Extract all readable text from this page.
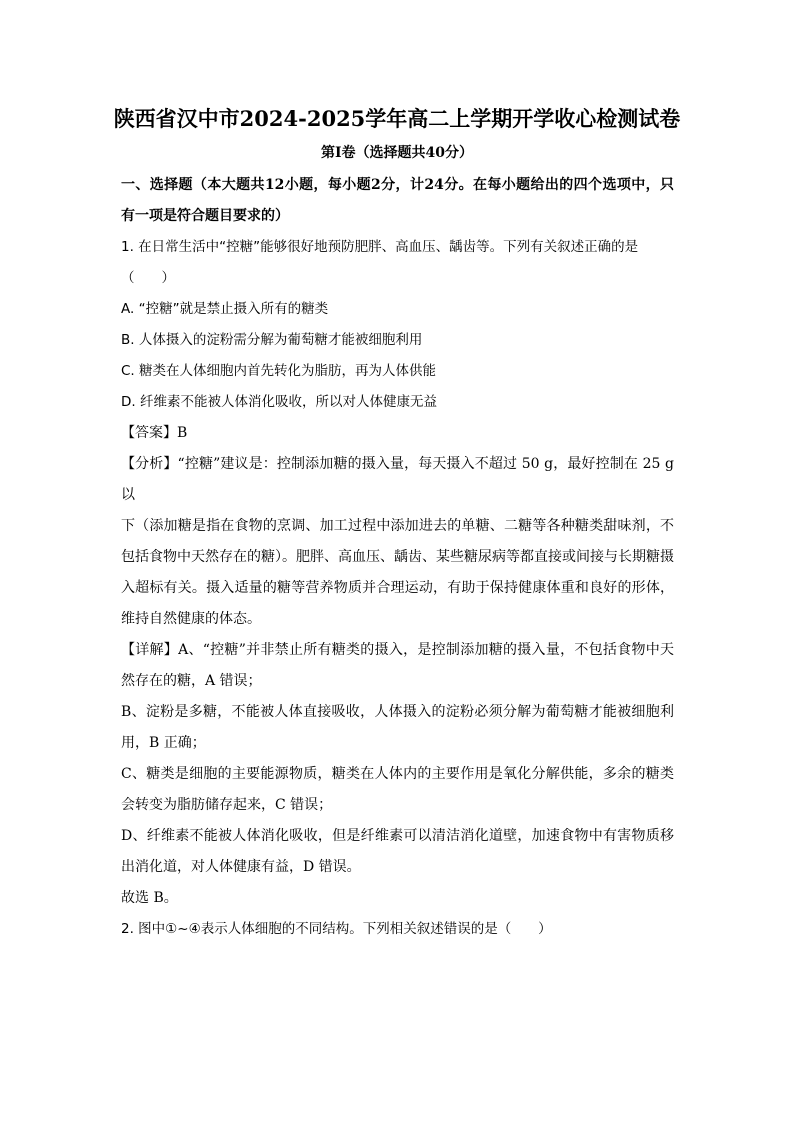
陕西省汉中市2024-2025学年高二上学期开学收心检测试卷
第I卷（选择题共40分）

一、选择题（本大题共12小题，每小题2分，计24分。在每小题给出的四个选项中，只

有一项是符合题目要求的）

1. 在日常生活中“控糖”能够很好地预防肥胖、高血压、龋齿等。下列有关叙述正确的是

（　　）

A. “控糖”就是禁止摄入所有的糖类

B. 人体摄入的淀粉需分解为葡萄糖才能被细胞利用

C. 糖类在人体细胞内首先转化为脂肪，再为人体供能

D. 纤维素不能被人体消化吸收，所以对人体健康无益

【答案】B

【分析】“控糖”建议是：控制添加糖的摄入量，每天摄入不超过 50 g，最好控制在 25 g以

下（添加糖是指在食物的烹调、加工过程中添加进去的单糖、二糖等各种糖类甜味剂，不

包括食物中天然存在的糖）。肥胖、高血压、龋齿、某些糖尿病等都直接或间接与长期糖摄

入超标有关。摄入适量的糖等营养物质并合理运动，有助于保持健康体重和良好的形体，

维持自然健康的体态。

【详解】A、“控糖”并非禁止所有糖类的摄入，是控制添加糖的摄入量，不包括食物中天

然存在的糖，A 错误；

B、淀粉是多糖，不能被人体直接吸收，人体摄入的淀粉必须分解为葡萄糖才能被细胞利

用，B 正确；

C、糖类是细胞的主要能源物质，糖类在人体内的主要作用是氧化分解供能，多余的糖类

会转变为脂肪储存起来，C 错误；

D、纤维素不能被人体消化吸收，但是纤维素可以清洁消化道壁，加速食物中有害物质移

出消化道，对人体健康有益，D 错误。

故选 B。

2. 图中①~④表示人体细胞的不同结构。下列相关叙述错误的是（　　）
